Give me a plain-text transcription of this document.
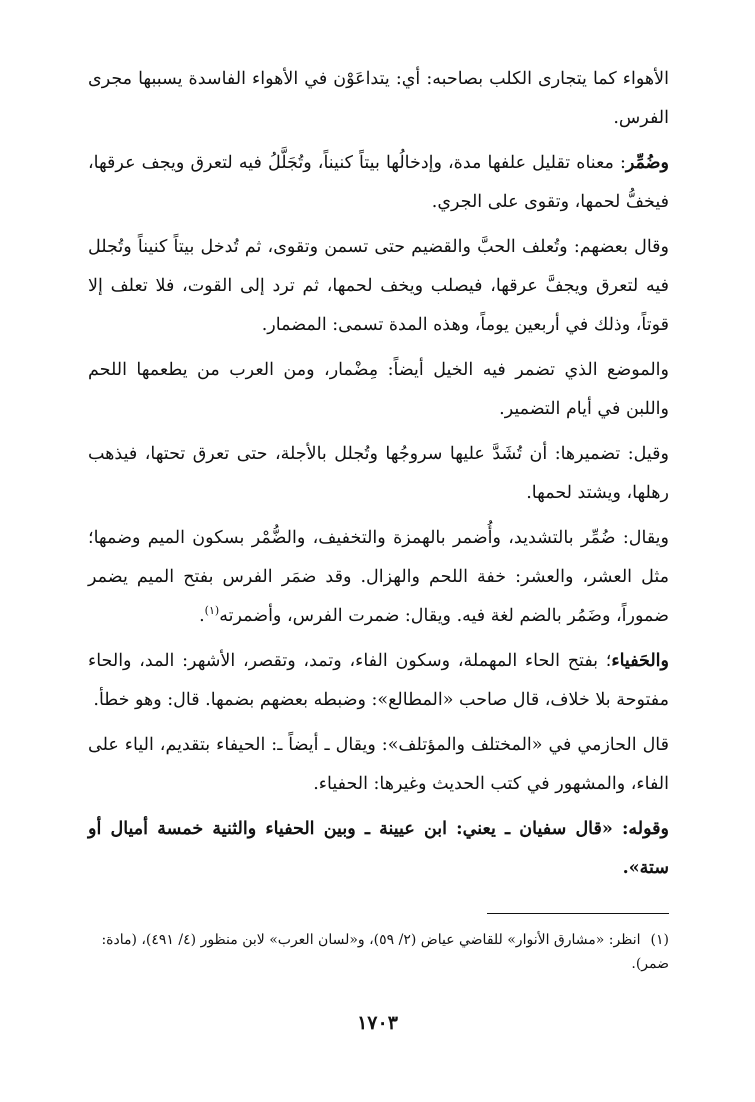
الأهواء كما يتجارى الكلب بصاحبه: أي: يتداعَوْن في الأهواء الفاسدة يسببها مجرى الفرس.

وضُمِّر: معناه تقليل علفها مدة، وإدخالُها بيتاً كنيناً، وتُجَلَّلُ فيه لتعرق ويجف عرقها، فيخفُّ لحمها، وتقوى على الجري.

وقال بعضهم: وتُعلف الحبَّ والقضيم حتى تسمن وتقوى، ثم تُدخل بيتاً كنيناً وتُجلل فيه لتعرق ويجفَّ عرقها، فيصلب ويخف لحمها، ثم ترد إلى القوت، فلا تعلف إلا قوتاً، وذلك في أربعين يوماً، وهذه المدة تسمى: المضمار.

والموضع الذي تضمر فيه الخيل أيضاً: مِضْمار، ومن العرب من يطعمها اللحم واللبن في أيام التضمير.

وقيل: تضميرها: أن تُشَدَّ عليها سروجُها وتُجلل بالأجلة، حتى تعرق تحتها، فيذهب رهلها، ويشتد لحمها.

ويقال: ضُمِّر بالتشديد، وأُضمر بالهمزة والتخفيف، والضُّمْر بسكون الميم وضمها؛ مثل العشر، والعشر: خفة اللحم والهزال. وقد ضمَر الفرس بفتح الميم يضمر ضموراً، وضَمُر بالضم لغة فيه. ويقال: ضمرت الفرس، وأضمرته$^{(١)}$.

والحَفياء؛ بفتح الحاء المهملة، وسكون الفاء، وتمد، وتقصر، الأشهر: المد، والحاء مفتوحة بلا خلاف، قال صاحب «المطالع»: وضبطه بعضهم بضمها. قال: وهو خطأ.

قال الحازمي في «المختلف والمؤتلف»: ويقال ـ أيضاً ـ: الحيفاء بتقديم، الياء على الفاء، والمشهور في كتب الحديث وغيرها: الحفياء.

وقوله: «قال سفيان ـ يعني: ابن عيينة ـ وبين الحفياء والثنية خمسة أميال أو ستة».

(١)انظر: «مشارق الأنوار» للقاضي عياض (٢/ ٥٩)، و«لسان العرب» لابن منظور (٤/ ٤٩١)، (مادة: ضمر).
١٧٠٣
